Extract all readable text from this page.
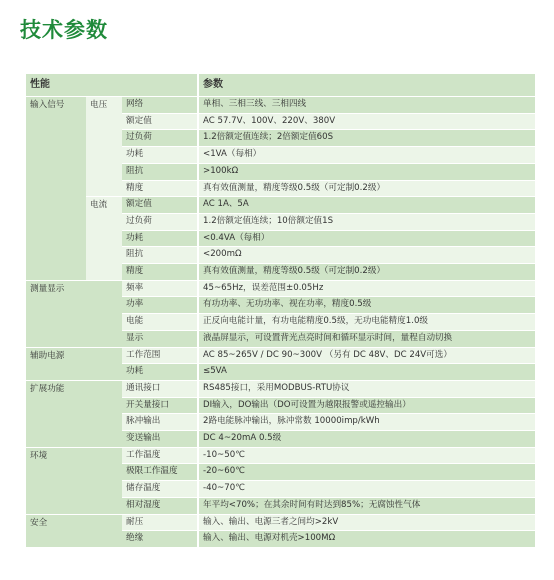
技术参数
性能			参数
输入信号	电压	网络	单相、三相三线、三相四线
		额定值	AC 57.7V、100V、220V、380V
		过负荷	1.2倍额定值连续；2倍额定值60S
		功耗	<1VA（每相）
		阻抗	>100kΩ
		精度	真有效值测量，精度等级0.5级（可定制0.2级）
	电流	额定值	AC 1A、5A
		过负荷	1.2倍额定值连续；10倍额定值1S
		功耗	<0.4VA（每相）
		阻抗	<200mΩ
		精度	真有效值测量，精度等级0.5级（可定制0.2级）
测量显示		频率	45~65Hz，误差范围±0.05Hz
		功率	有功功率、无功功率、视在功率，精度0.5级
		电能	正反向电能计量，有功电能精度0.5级，无功电能精度1.0级
		显示	液晶屏显示，可设置背光点亮时间和循环显示时间，量程自动切换
辅助电源		工作范围	AC 85~265V / DC 90~300V （另有 DC 48V、DC 24V可选）
		功耗	≤5VA
扩展功能		通讯接口	RS485接口，采用MODBUS-RTU协议
		开关量接口	DI输入，DO输出（DO可设置为越限报警或遥控输出）
		脉冲输出	2路电能脉冲输出，脉冲常数 10000imp/kWh
		变送输出	DC 4~20mA 0.5级
环境		工作温度	-10~50℃
		极限工作温度	-20~60℃
		储存温度	-40~70℃
		相对湿度	年平均<70%；在其余时间有时达到85%；无腐蚀性气体
安全		耐压	输入、输出、电源三者之间均>2kV
		绝缘	输入、输出、电源对机壳>100MΩ
